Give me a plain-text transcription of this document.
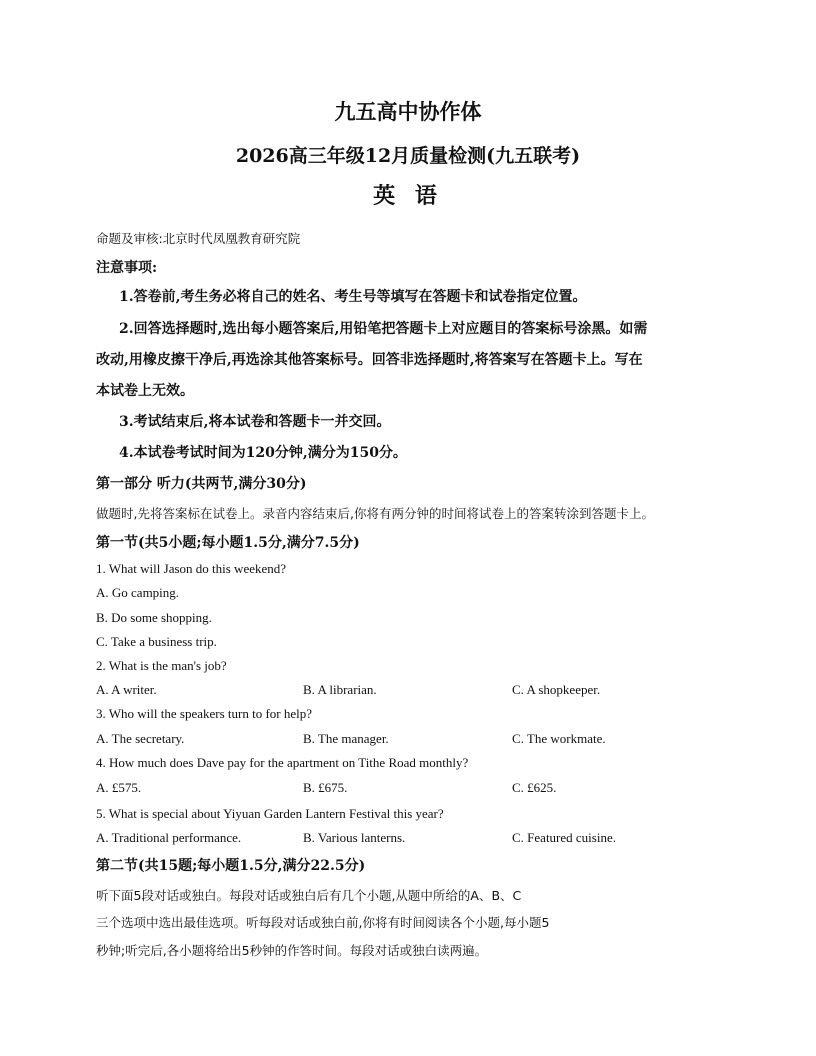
九五高中协作体
2026高三年级12月质量检测(九五联考)
英 语
命题及审核:北京时代凤凰教育研究院
注意事项:
1.答卷前,考生务必将自己的姓名、考生号等填写在答题卡和试卷指定位置。
2.回答选择题时,选出每小题答案后,用铅笔把答题卡上对应题目的答案标号涂黑。如需
改动,用橡皮擦干净后,再选涂其他答案标号。回答非选择题时,将答案写在答题卡上。写在
本试卷上无效。
3.考试结束后,将本试卷和答题卡一并交回。
4.本试卷考试时间为120分钟,满分为150分。
第一部分 听力(共两节,满分30分)
做题时,先将答案标在试卷上。录音内容结束后,你将有两分钟的时间将试卷上的答案转涂到答题卡上。
第一节(共5小题;每小题1.5分,满分7.5分)
1. What will Jason do this weekend?
A. Go camping.
B. Do some shopping.
C. Take a business trip.
2. What is the man's job?
A. A writer.	B. A librarian.	C. A shopkeeper.
3. Who will the speakers turn to for help?
A. The secretary.	B. The manager.	C. The workmate.
4. How much does Dave pay for the apartment on Tithe Road monthly?
A. £575.	B. £675.	C. £625.
5. What is special about Yiyuan Garden Lantern Festival this year?
A. Traditional performance.	B. Various lanterns.	C. Featured cuisine.
第二节(共15题;每小题1.5分,满分22.5分)
听下面5段对话或独白。每段对话或独白后有几个小题,从题中所给的A、B、C
三个选项中选出最佳选项。听每段对话或独白前,你将有时间阅读各个小题,每小题5
秒钟;听完后,各小题将给出5秒钟的作答时间。每段对话或独白读两遍。
